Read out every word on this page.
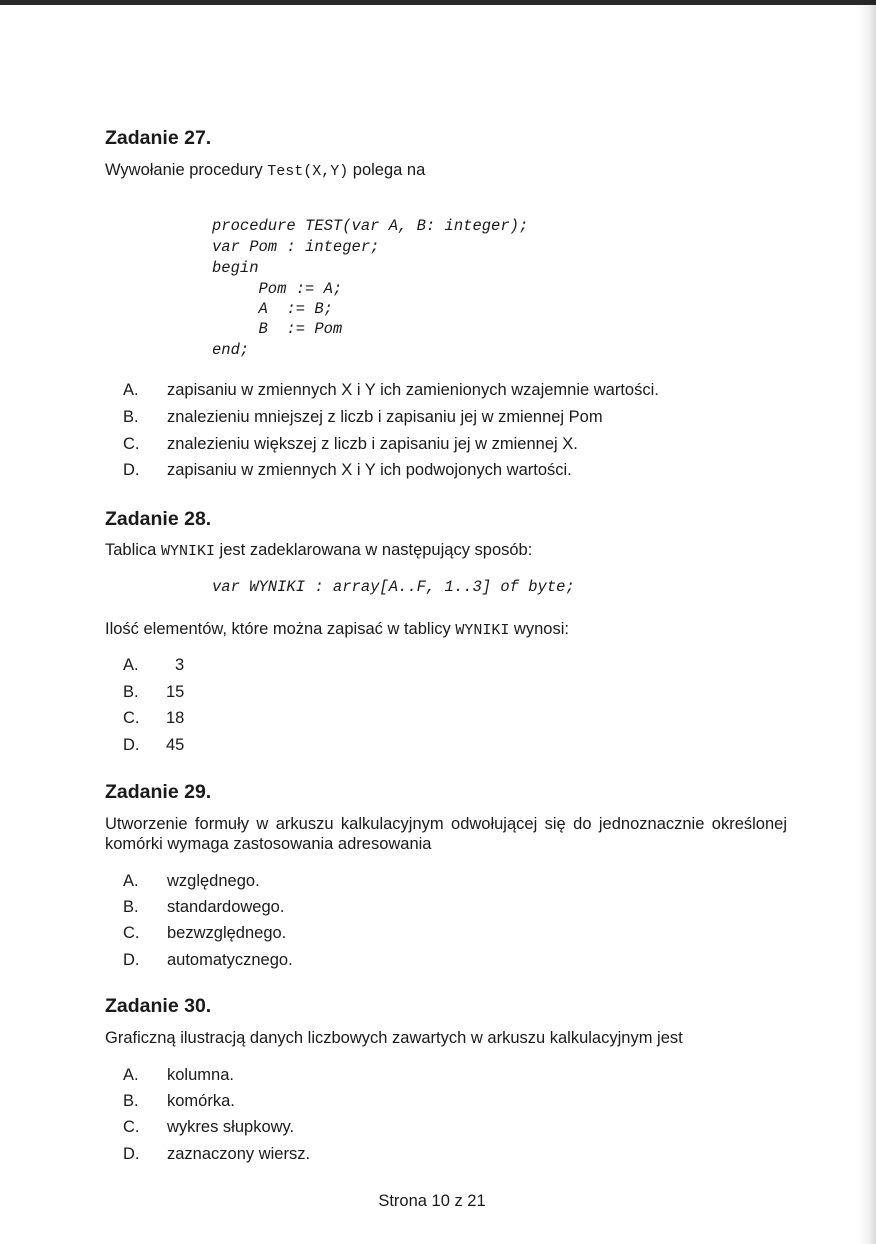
Zadanie 27.

Wywołanie procedury Test(X,Y) polega na

procedure TEST(var A, B: integer);

var Pom : integer;

begin

Pom := A;

A  := B;

B  := Pom

end;

A. zapisaniu w zmiennych X i Y ich zamienionych wzajemnie wartości.
B. znalezieniu mniejszej z liczb i zapisaniu jej w zmiennej Pom
C. znalezieniu większej z liczb i zapisaniu jej w zmiennej X.
D. zapisaniu w zmiennych X i Y ich podwojonych wartości.
Zadanie 28.

Tablica WYNIKI jest zadeklarowana w następujący sposób:

var WYNIKI : array[A..F, 1..3] of byte;

Ilość elementów, które można zapisać w tablicy WYNIKI wynosi:

A. 3
B. 15
C. 18
D. 45
Zadanie 29.

Utworzenie formuły w arkuszu kalkulacyjnym odwołującej się do jednoznacznie określonej komórki wymaga zastosowania adresowania

A. względnego.
B. standardowego.
C. bezwzględnego.
D. automatycznego.
Zadanie 30.

Graficzną ilustracją danych liczbowych zawartych w arkuszu kalkulacyjnym jest

A. kolumna.
B. komórka.
C. wykres słupkowy.
D. zaznaczony wiersz.

Strona 10 z 21
